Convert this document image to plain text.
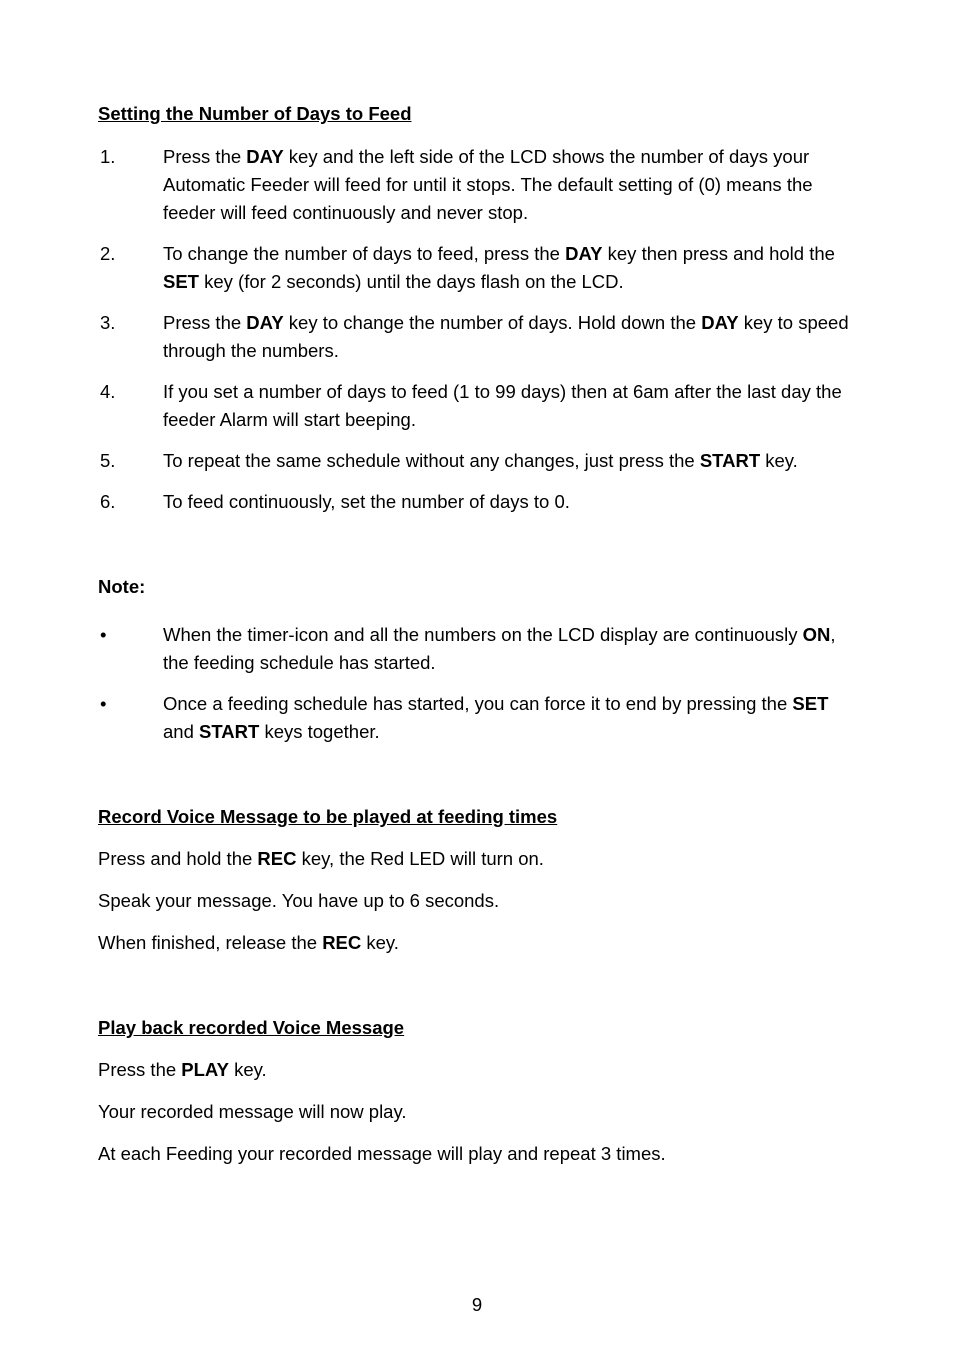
Setting the Number of Days to Feed
1.	Press the DAY key and the left side of the LCD shows the number of days your Automatic Feeder will feed for until it stops. The default setting of (0) means the feeder will feed continuously and never stop.
2.	To change the number of days to feed, press the DAY key then press and hold the SET key (for 2 seconds) until the days flash on the LCD.
3.	Press the DAY key to change the number of days. Hold down the DAY key to speed through the numbers.
4.	If you set a number of days to feed (1 to 99 days) then at 6am after the last day the feeder Alarm will start beeping.
5.	To repeat the same schedule without any changes, just press the START key.
6.	To feed continuously, set the number of days to 0.
Note:
•	When the timer-icon and all the numbers on the LCD display are continuously ON, the feeding schedule has started.
•	Once a feeding schedule has started, you can force it to end by pressing the SET and START keys together.
Record Voice Message to be played at feeding times

Press and hold the REC key, the Red LED will turn on.

Speak your message. You have up to 6 seconds.

When finished, release the REC key.

Play back recorded Voice Message

Press the PLAY key.

Your recorded message will now play.

At each Feeding your recorded message will play and repeat 3 times.

9
